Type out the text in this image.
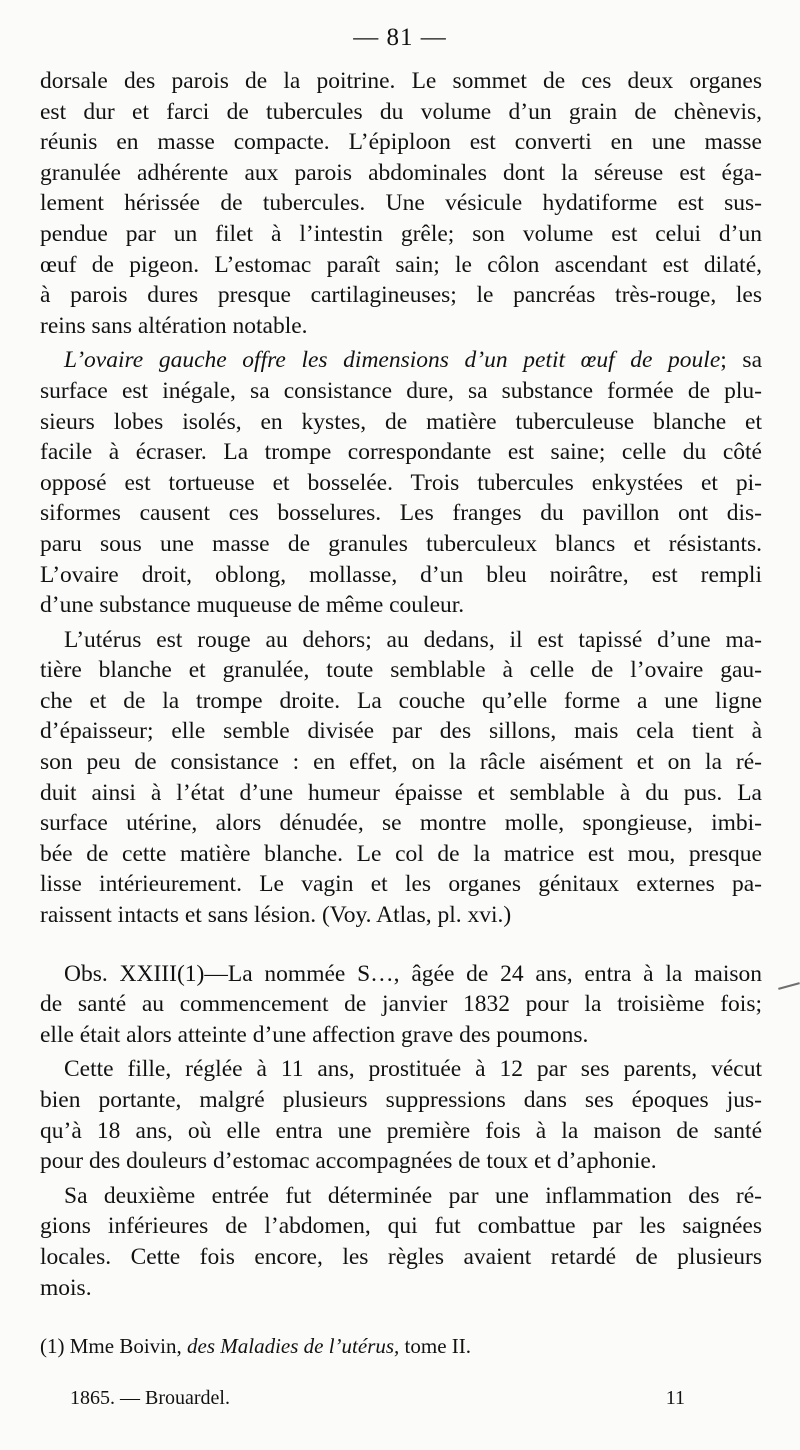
— 81 —
dorsale des parois de la poitrine. Le sommet de ces deux organes
est dur et farci de tubercules du volume d’un grain de chènevis,
réunis en masse compacte. L’épiploon est converti en une masse
granulée adhérente aux parois abdominales dont la séreuse est éga-
lement hérissée de tubercules. Une vésicule hydatiforme est sus-
pendue par un filet à l’intestin grêle; son volume est celui d’un
œuf de pigeon. L’estomac paraît sain; le côlon ascendant est dilaté,
à parois dures presque cartilagineuses; le pancréas très-rouge, les
reins sans altération notable.
L’ovaire gauche offre les dimensions d’un petit œuf de poule; sa
surface est inégale, sa consistance dure, sa substance formée de plu-
sieurs lobes isolés, en kystes, de matière tuberculeuse blanche et
facile à écraser. La trompe correspondante est saine; celle du côté
opposé est tortueuse et bosselée. Trois tubercules enkystées et pi-
siformes causent ces bosselures. Les franges du pavillon ont dis-
paru sous une masse de granules tuberculeux blancs et résistants.
L’ovaire droit, oblong, mollasse, d’un bleu noirâtre, est rempli
d’une substance muqueuse de même couleur.
L’utérus est rouge au dehors; au dedans, il est tapissé d’une ma-
tière blanche et granulée, toute semblable à celle de l’ovaire gau-
che et de la trompe droite. La couche qu’elle forme a une ligne
d’épaisseur; elle semble divisée par des sillons, mais cela tient à
son peu de consistance : en effet, on la râcle aisément et on la ré-
duit ainsi à l’état d’une humeur épaisse et semblable à du pus. La
surface utérine, alors dénudée, se montre molle, spongieuse, imbi-
bée de cette matière blanche. Le col de la matrice est mou, presque
lisse intérieurement. Le vagin et les organes génitaux externes pa-
raissent intacts et sans lésion. (Voy. Atlas, pl. xvi.)
Obs. XXIII(1)—La nommée S…, âgée de 24 ans, entra à la maison
de santé au commencement de janvier 1832 pour la troisième fois;
elle était alors atteinte d’une affection grave des poumons.
Cette fille, réglée à 11 ans, prostituée à 12 par ses parents, vécut
bien portante, malgré plusieurs suppressions dans ses époques jus-
qu’à 18 ans, où elle entra une première fois à la maison de santé
pour des douleurs d’estomac accompagnées de toux et d’aphonie.
Sa deuxième entrée fut déterminée par une inflammation des ré-
gions inférieures de l’abdomen, qui fut combattue par les saignées
locales. Cette fois encore, les règles avaient retardé de plusieurs
mois.
(1) Mme Boivin, des Maladies de l’utérus, tome II.
1865. — Brouardel.	11
